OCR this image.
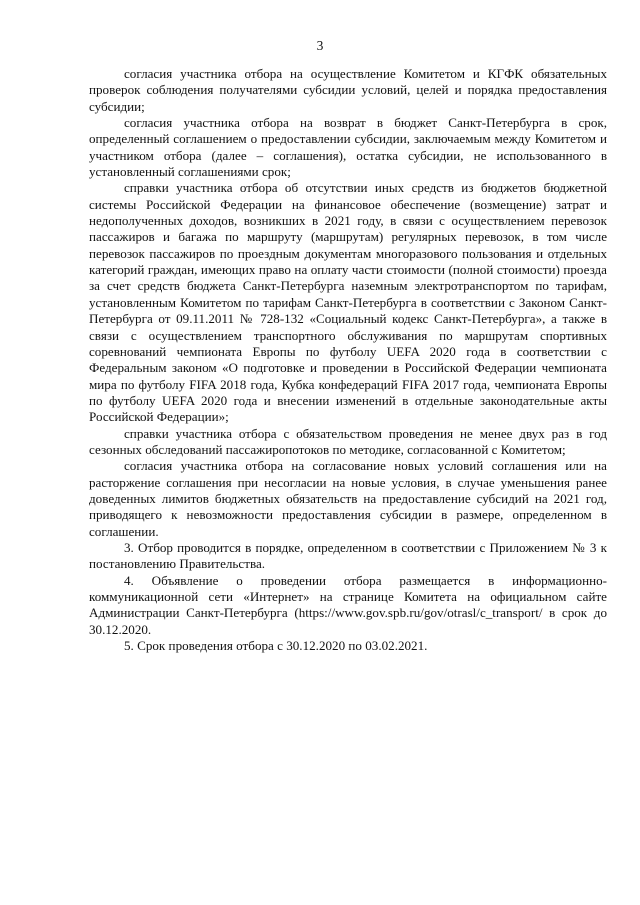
3

согласия участника отбора на осуществление Комитетом и КГФК обязательных проверок соблюдения получателями субсидии условий, целей и порядка предоставления субсидии;

согласия участника отбора на возврат в бюджет Санкт-Петербурга в срок, определенный соглашением о предоставлении субсидии, заключаемым между Комитетом и участником отбора (далее – соглашения), остатка субсидии, не использованного в установленный соглашениями срок;

справки участника отбора об отсутствии иных средств из бюджетов бюджетной системы Российской Федерации на финансовое обеспечение (возмещение) затрат и недополученных доходов, возникших в 2021 году, в связи с осуществлением перевозок пассажиров и багажа по маршруту (маршрутам) регулярных перевозок, в том числе перевозок пассажиров по проездным документам многоразового пользования и отдельных категорий граждан, имеющих право на оплату части стоимости (полной стоимости) проезда за счет средств бюджета Санкт-Петербурга наземным электротранспортом по тарифам, установленным Комитетом по тарифам Санкт-Петербурга в соответствии с Законом Санкт-Петербурга от 09.11.2011 № 728-132 «Социальный кодекс Санкт-Петербурга», а также в связи с осуществлением транспортного обслуживания по маршрутам спортивных соревнований чемпионата Европы по футболу UEFA 2020 года в соответствии с Федеральным законом «О подготовке и проведении в Российской Федерации чемпионата мира по футболу FIFA 2018 года, Кубка конфедераций FIFA 2017 года, чемпионата Европы по футболу UEFA 2020 года и внесении изменений в отдельные законодательные акты Российской Федерации»;

справки участника отбора с обязательством проведения не менее двух раз в год сезонных обследований пассажиропотоков по методике, согласованной с Комитетом;

согласия участника отбора на согласование новых условий соглашения или на расторжение соглашения при несогласии на новые условия, в случае уменьшения ранее доведенных лимитов бюджетных обязательств на предоставление субсидий на 2021 год, приводящего к невозможности предоставления субсидии в размере, определенном в соглашении.

3. Отбор проводится в порядке, определенном в соответствии с Приложением № 3 к постановлению Правительства.

4. Объявление о проведении отбора размещается в информационно-коммуникационной сети «Интернет» на странице Комитета на официальном сайте Администрации Санкт-Петербурга (https://www.gov.spb.ru/gov/otrasl/c_transport/ в срок до 30.12.2020.

5. Срок проведения отбора с 30.12.2020 по 03.02.2021.
